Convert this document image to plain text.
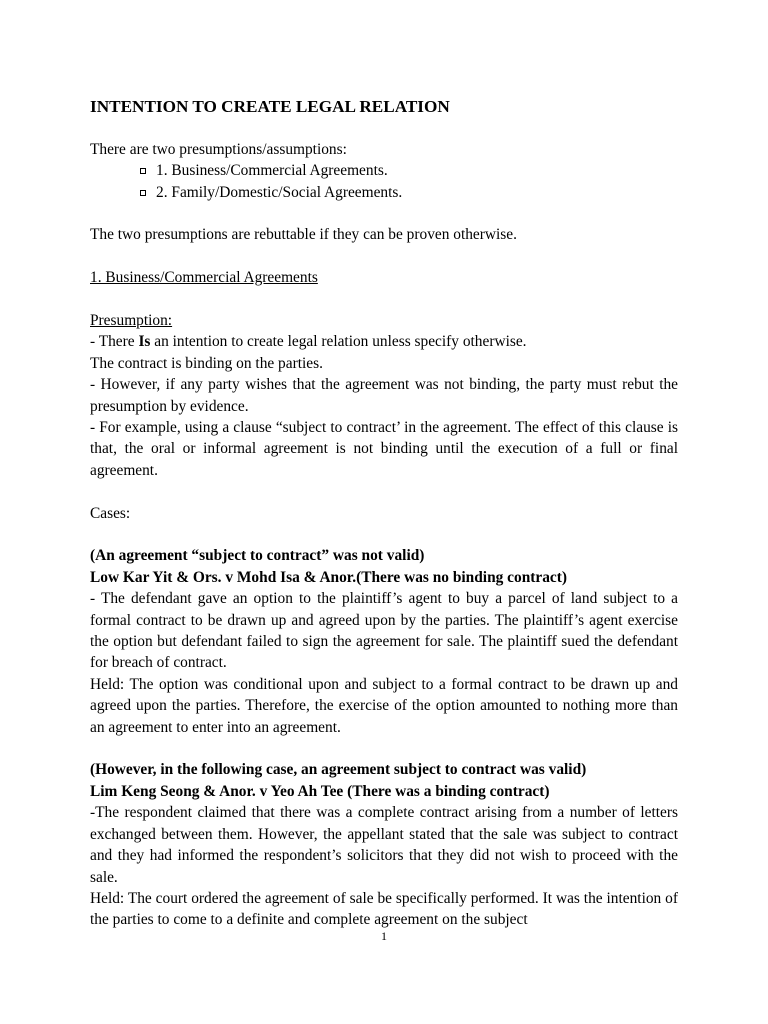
INTENTION TO CREATE LEGAL RELATION

There are two presumptions/assumptions:

1. Business/Commercial Agreements.
2. Family/Domestic/Social Agreements.

The two presumptions are rebuttable if they can be proven otherwise.

1. Business/Commercial Agreements

Presumption:

- There Is an intention to create legal relation unless specify otherwise.

The contract is binding on the parties.

- However, if any party wishes that the agreement was not binding, the party must rebut the presumption by evidence.

- For example, using a clause “subject to contract’ in the agreement. The effect of this clause is that, the oral or informal agreement is not binding until the execution of a full or final agreement.

Cases:

(An agreement “subject to contract” was not valid)

Low Kar Yit & Ors. v Mohd Isa & Anor.(There was no binding contract)

- The defendant gave an option to the plaintiff’s agent to buy a parcel of land subject to a formal contract to be drawn up and agreed upon by the parties. The plaintiff’s agent exercise the option but defendant failed to sign the agreement for sale. The plaintiff sued the defendant for breach of contract.

Held: The option was conditional upon and subject to a formal contract to be drawn up and agreed upon the parties. Therefore, the exercise of the option amounted to nothing more than an agreement to enter into an agreement.

(However, in the following case, an agreement subject to contract was valid)

Lim Keng Seong & Anor. v Yeo Ah Tee (There was a binding contract)

-The respondent claimed that there was a complete contract arising from a number of letters exchanged between them. However, the appellant stated that the sale was subject to contract and they had informed the respondent’s solicitors that they did not wish to proceed with the sale.

Held: The court ordered the agreement of sale be specifically performed. It was the intention of the parties to come to a definite and complete agreement on the subject

1
